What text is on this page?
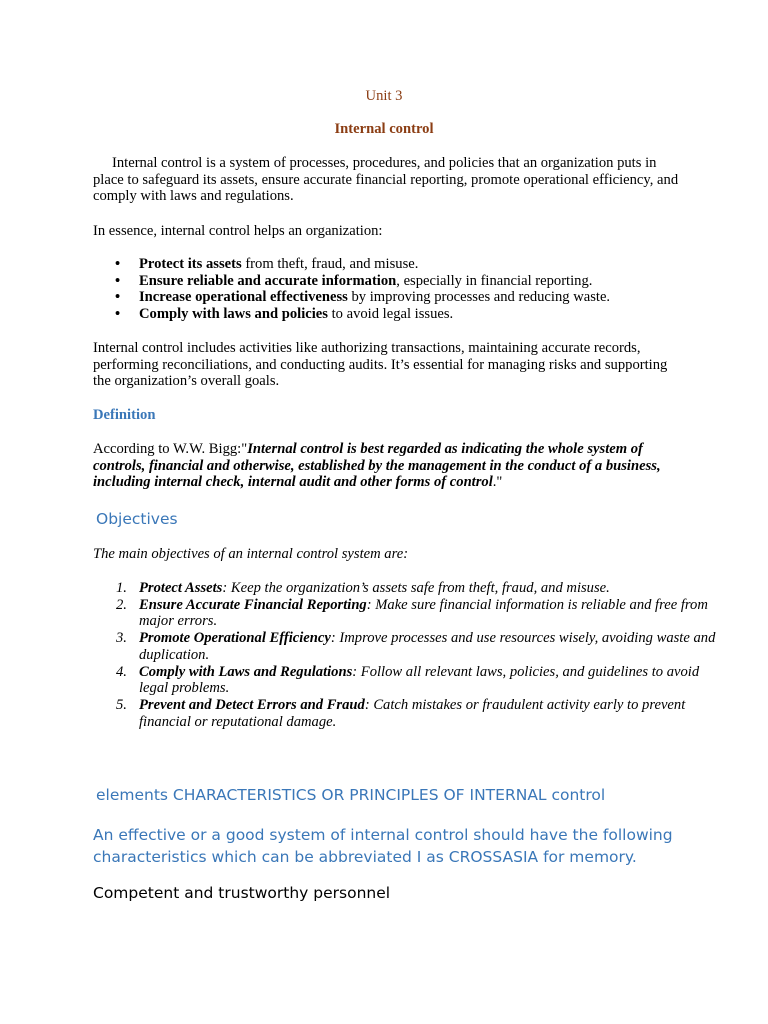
Unit 3

Internal control

Internal control is a system of processes, procedures, and policies that an organization puts in place to safeguard its assets, ensure accurate financial reporting, promote operational efficiency, and comply with laws and regulations.

In essence, internal control helps an organization:

• Protect its assets from theft, fraud, and misuse.
• Ensure reliable and accurate information, especially in financial reporting.
• Increase operational effectiveness by improving processes and reducing waste.
• Comply with laws and policies to avoid legal issues.

Internal control includes activities like authorizing transactions, maintaining accurate records, performing reconciliations, and conducting audits. It’s essential for managing risks and supporting the organization’s overall goals.

Definition

According to W.W. Bigg:"Internal control is best regarded as indicating the whole system of controls, financial and otherwise, established by the management in the conduct of a business, including internal check, internal audit and other forms of control."

Objectives

The main objectives of an internal control system are:

1. Protect Assets: Keep the organization’s assets safe from theft, fraud, and misuse.
2. Ensure Accurate Financial Reporting: Make sure financial information is reliable and free from major errors.
3. Promote Operational Efficiency: Improve processes and use resources wisely, avoiding waste and duplication.
4. Comply with Laws and Regulations: Follow all relevant laws, policies, and guidelines to avoid legal problems.
5. Prevent and Detect Errors and Fraud: Catch mistakes or fraudulent activity early to prevent financial or reputational damage.

elements CHARACTERISTICS OR PRINCIPLES OF INTERNAL control

An effective or a good system of internal control should have the following characteristics which can be abbreviated I as CROSSASIA for memory.

Competent and trustworthy personnel
